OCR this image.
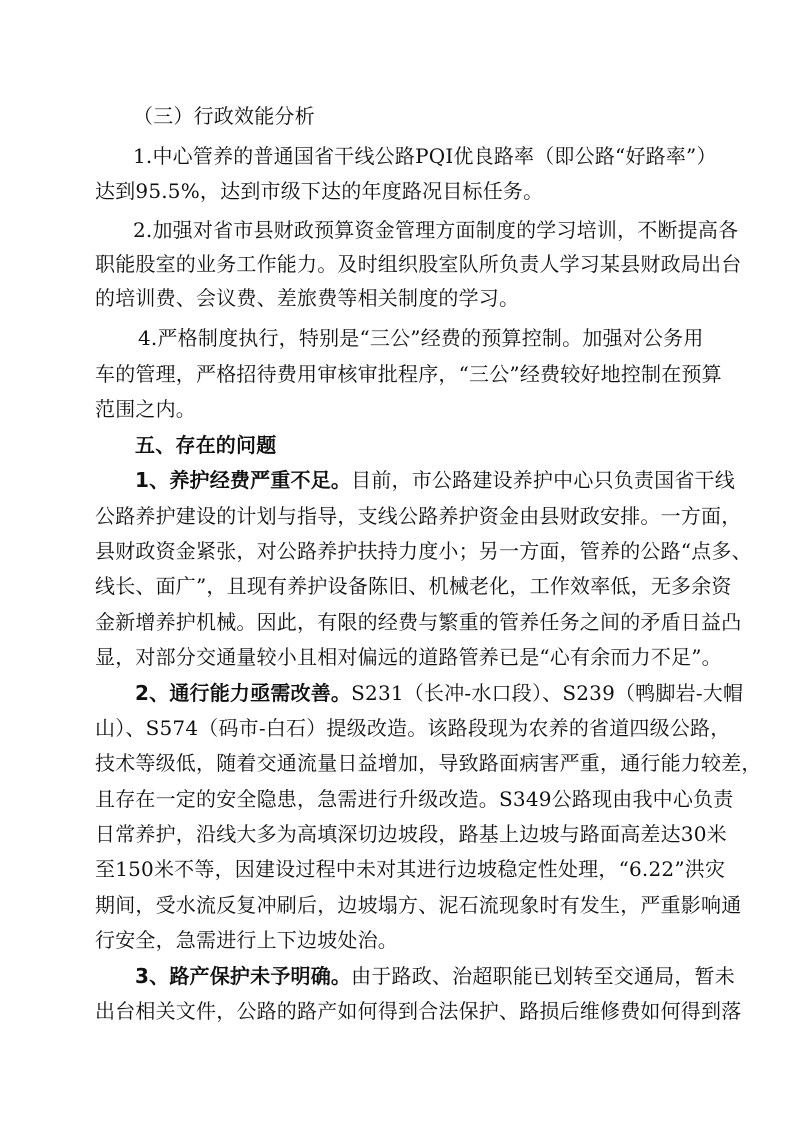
（三）行政效能分析
1.中心管养的普通国省干线公路PQI优良路率（即公路“好路率”）
达到95.5%，达到市级下达的年度路况目标任务。
2.加强对省市县财政预算资金管理方面制度的学习培训，不断提高各
职能股室的业务工作能力。及时组织股室队所负责人学习某县财政局出台
的培训费、会议费、差旅费等相关制度的学习。
4.严格制度执行，特别是“三公”经费的预算控制。加强对公务用
车的管理，严格招待费用审核审批程序，“三公”经费较好地控制在预算
范围之内。
五、存在的问题
1、养护经费严重不足。目前，市公路建设养护中心只负责国省干线
公路养护建设的计划与指导，支线公路养护资金由县财政安排。一方面，
县财政资金紧张，对公路养护扶持力度小；另一方面，管养的公路“点多、
线长、面广”，且现有养护设备陈旧、机械老化，工作效率低，无多余资
金新增养护机械。因此，有限的经费与繁重的管养任务之间的矛盾日益凸
显，对部分交通量较小且相对偏远的道路管养已是“心有余而力不足”。
2、通行能力亟需改善。S231（长冲-水口段）、S239（鸭脚岩-大帽
山）、S574（码市-白石）提级改造。该路段现为农养的省道四级公路，
技术等级低，随着交通流量日益增加，导致路面病害严重，通行能力较差，
且存在一定的安全隐患，急需进行升级改造。S349公路现由我中心负责
日常养护，沿线大多为高填深切边坡段，路基上边坡与路面高差达30米
至150米不等，因建设过程中未对其进行边坡稳定性处理，“6.22”洪灾
期间，受水流反复冲刷后，边坡塌方、泥石流现象时有发生，严重影响通
行安全，急需进行上下边坡处治。
3、路产保护未予明确。由于路政、治超职能已划转至交通局，暂未
出台相关文件，公路的路产如何得到合法保护、路损后维修费如何得到落
